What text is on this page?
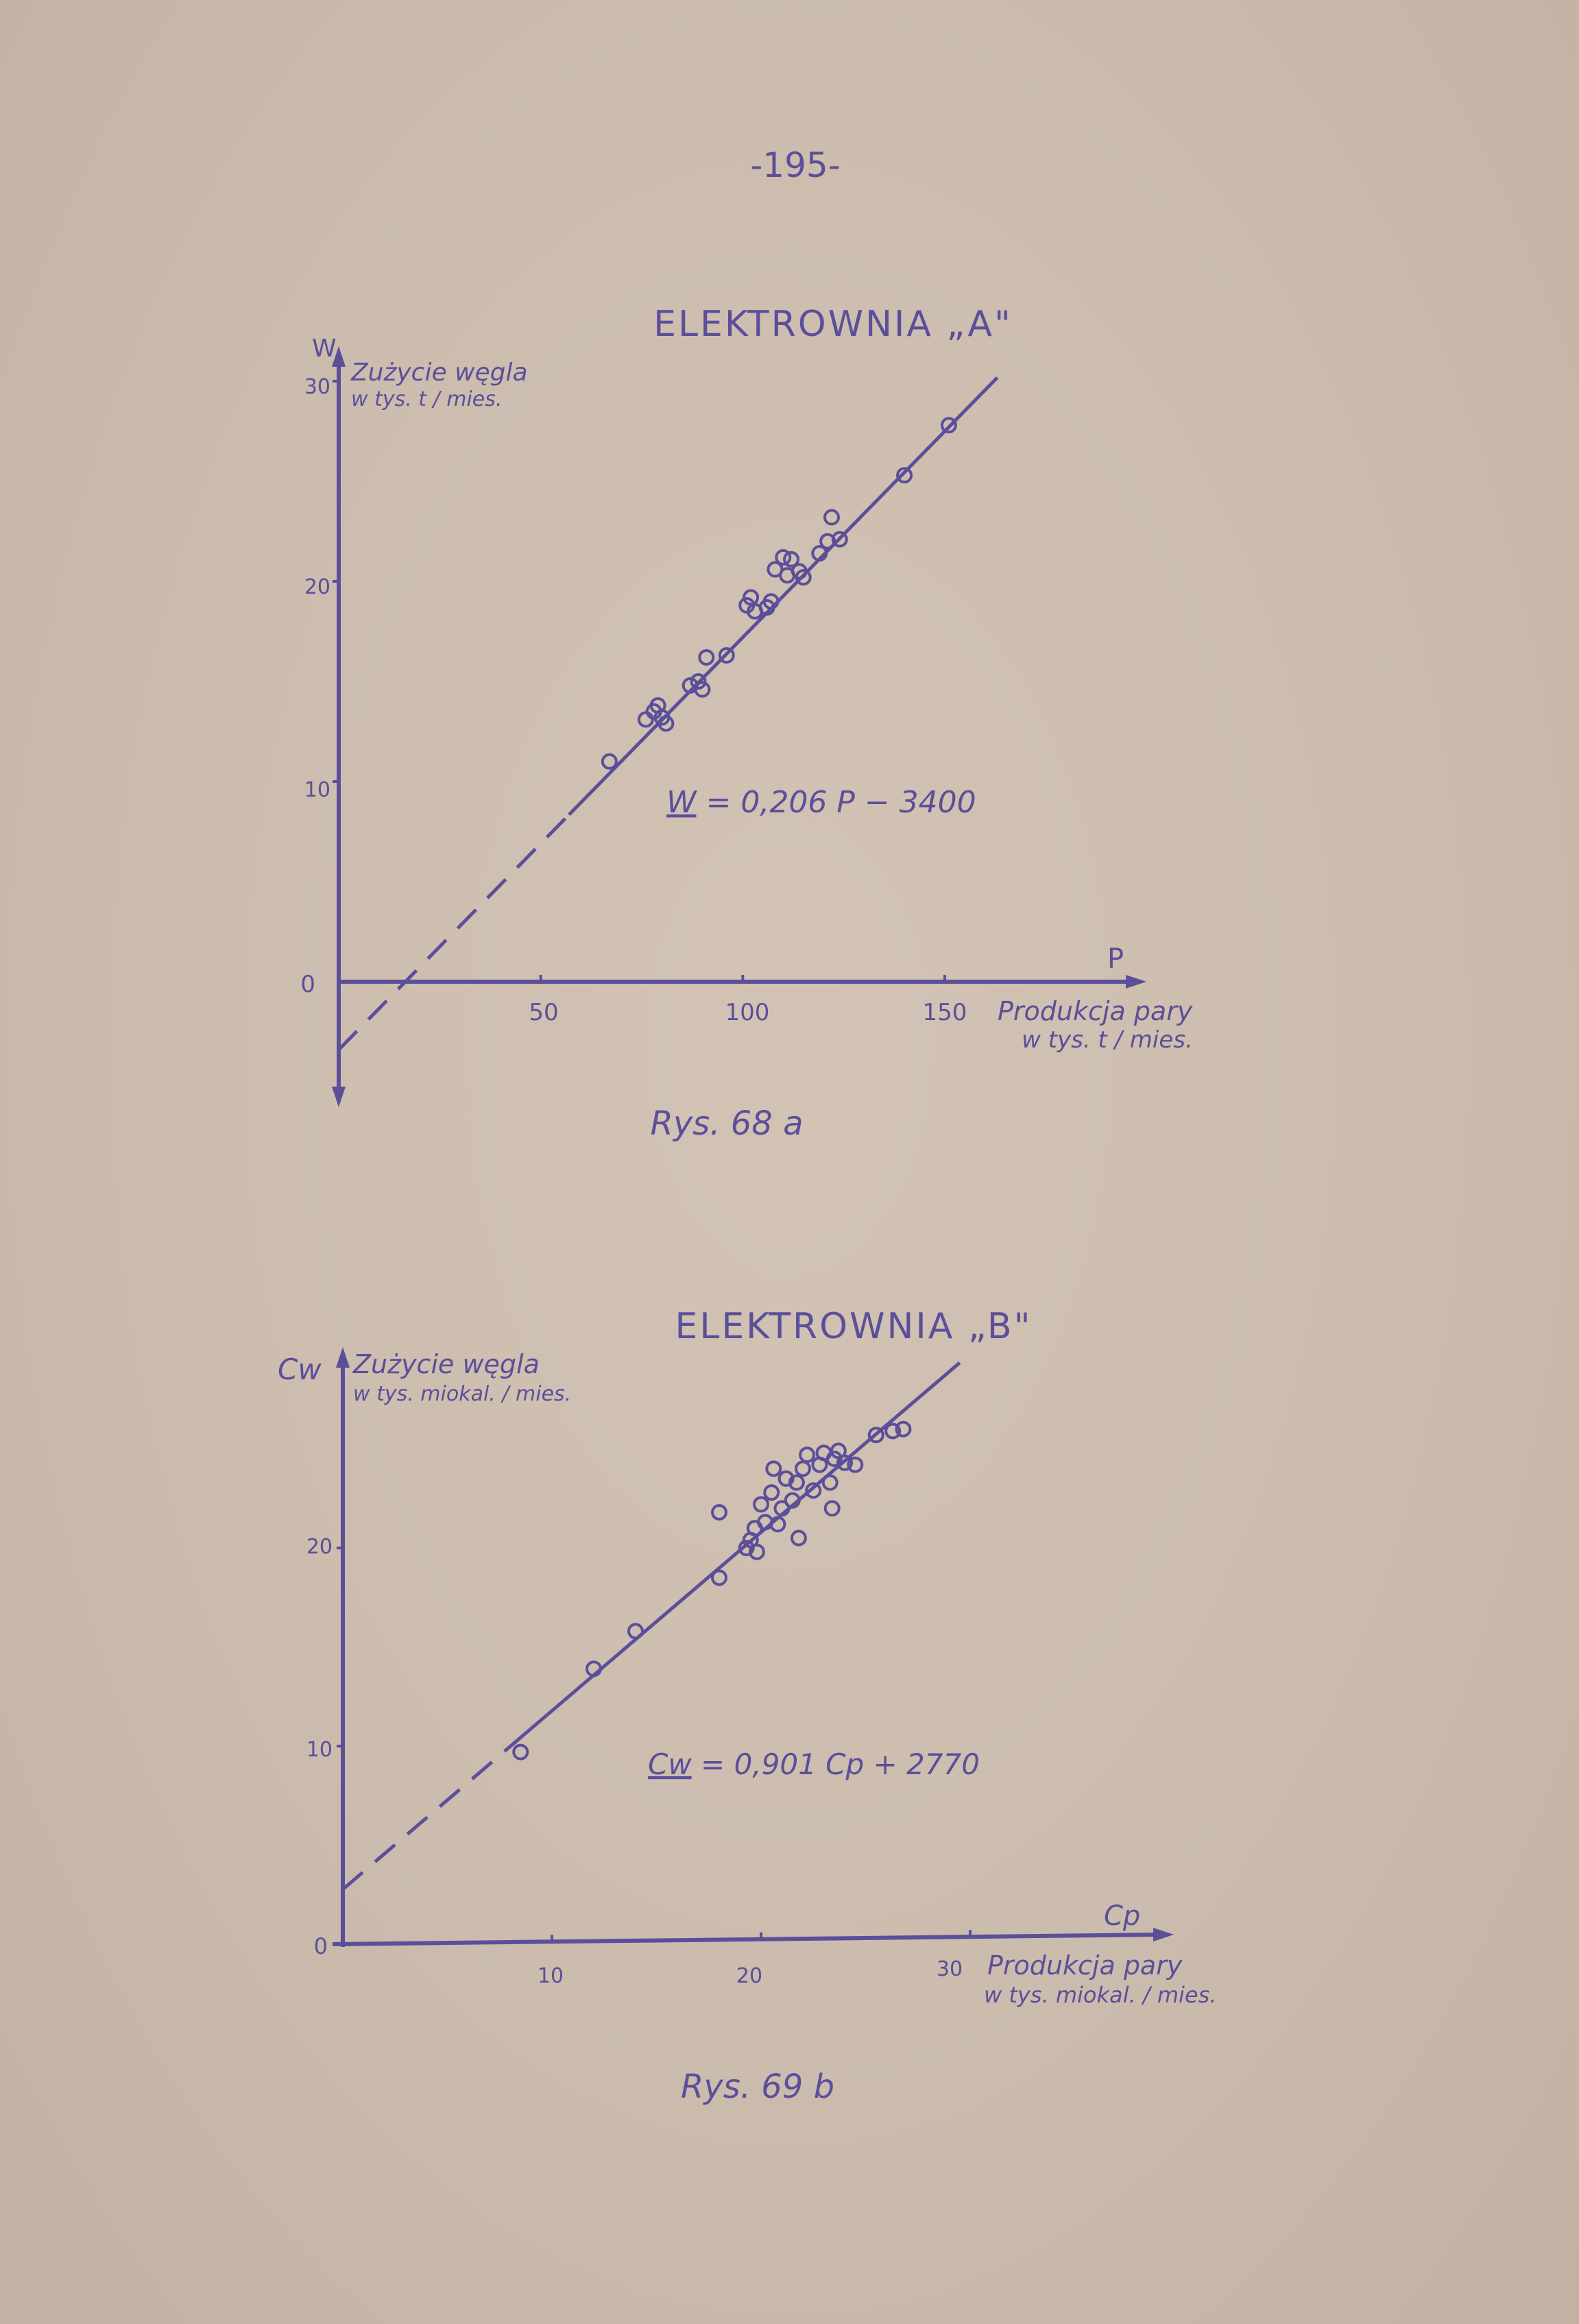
-195-
ELEKTROWNIA „A"
W
Zużycie węgla
w tys. t / mies.
P
Produkcja pary
w tys. t / mies.
0
10
20
30
50	100	150
W = 0,206 P − 3400
Rys. 68 a
ELEKTROWNIA „B"
Cw Zużycie węgla
w tys. miokal. / mies.
Cp
Produkcja pary
w tys. miokal. / mies.
0
10
20
10	20	30
Cw = 0,901 Cp + 2770
Rys. 69 b
